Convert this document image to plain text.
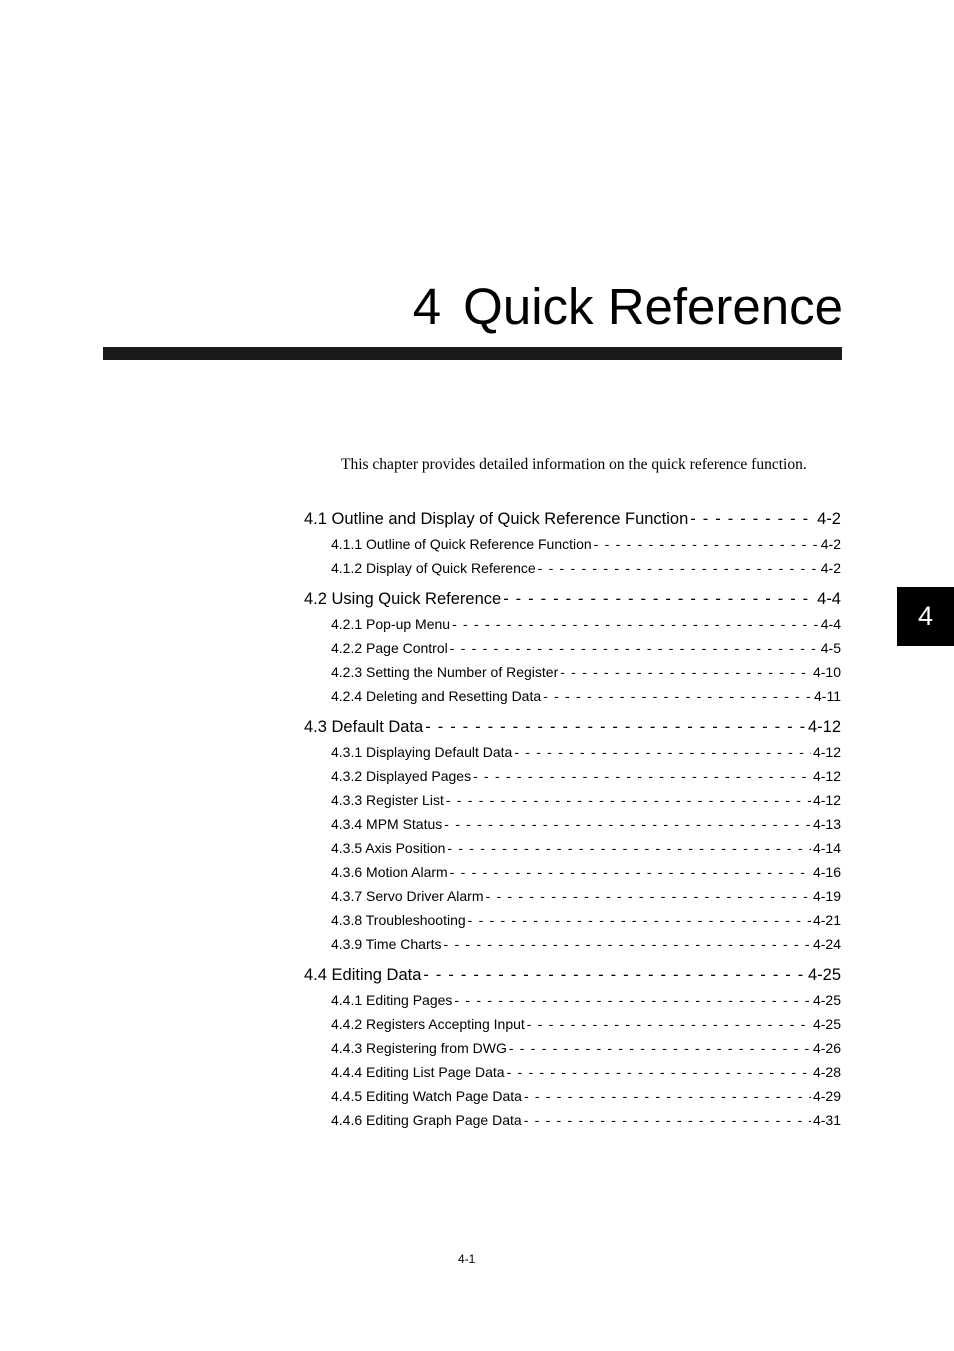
4 Quick Reference
4
This chapter provides detailed information on the quick reference function.
4.1 Outline and Display of Quick Reference Function - - -	4-2
4.1.1 Outline of Quick Reference Function - - -	4-2
4.1.2 Display of Quick Reference - - -	4-2
4.2 Using Quick Reference - - -	4-4
4.2.1 Pop-up Menu - - -	4-4
4.2.2 Page Control - - -	4-5
4.2.3 Setting the Number of Register - - -	4-10
4.2.4 Deleting and Resetting Data - - -	4-11
4.3 Default Data - - -	4-12
4.3.1 Displaying Default Data - - -	4-12
4.3.2 Displayed Pages - - -	4-12
4.3.3 Register List - - -	4-12
4.3.4 MPM Status - - -	4-13
4.3.5 Axis Position - - -	4-14
4.3.6 Motion Alarm - - -	4-16
4.3.7 Servo Driver Alarm - - -	4-19
4.3.8 Troubleshooting - - -	4-21
4.3.9 Time Charts - - -	4-24
4.4 Editing Data - - -	4-25
4.4.1 Editing Pages - - -	4-25
4.4.2 Registers Accepting Input - - -	4-25
4.4.3 Registering from DWG - - -	4-26
4.4.4 Editing List Page Data - - -	4-28
4.4.5 Editing Watch Page Data - - -	4-29
4.4.6 Editing Graph Page Data - - -	4-31
4-1
